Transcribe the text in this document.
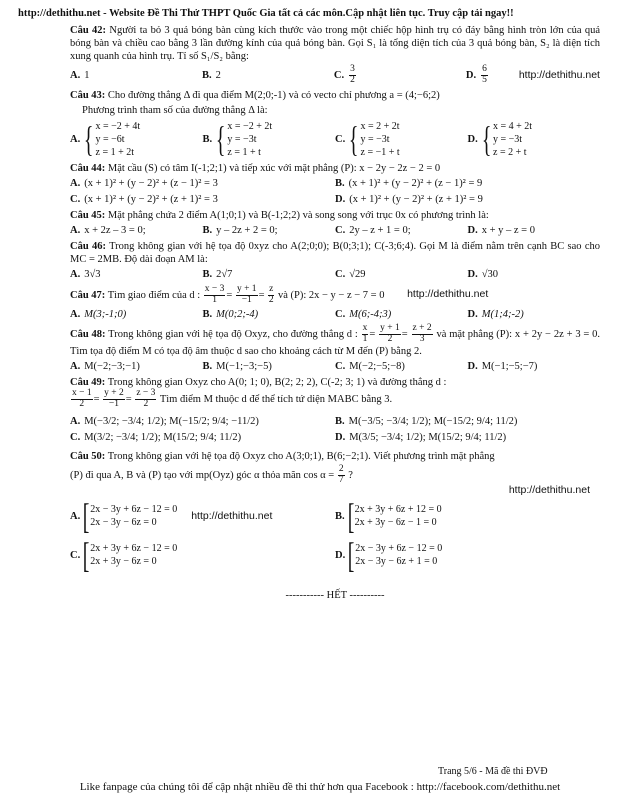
http://dethithu.net - Website Đề Thi Thử THPT Quốc Gia tất cả các môn.Cập nhật liên tục. Truy cập tải ngay!!
Câu 42: Người ta bỏ 3 quả bóng bàn cùng kích thước vào trong một chiếc hộp hình trụ có đáy bằng hình tròn lớn của quả bóng bàn và chiều cao bằng 3 lần đường kính của quả bóng bàn. Gọi S₁ là tổng diện tích của 3 quả bóng bàn, S₂ là diện tích xung quanh của hình trụ. Tỉ số S₁/S₂ bằng:
A. 1	B. 2	C. $\frac{3}{2}$	D. $\frac{6}{5}$	http://dethithu.net
Câu 43: Cho đường thẳng Δ đi qua điểm M(2;0;-1) và có vecto chỉ phương a = (4;−6;2)
Phương trình tham số của đường thẳng Δ là:
A. { x = −2 + 4t
y = −6t
z = 1 + 2t
B. { x = −2 + 2t
y = −3t
z = 1 + t
C. { x = 2 + 2t
y = −3t
z = −1 + t
D. { x = 4 + 2t
y = −3t
z = 2 + t
Câu 44: Mặt cầu (S) có tâm I(-1;2;1) và tiếp xúc với mặt phẳng (P): x − 2y − 2z − 2 = 0
A. (x + 1)² + (y − 2)² + (z − 1)² = 3	B. (x + 1)² + (y − 2)² + (z − 1)² = 9
C. (x + 1)² + (y − 2)² + (z + 1)² = 3	D. (x + 1)² + (y − 2)² + (z + 1)² = 9
Câu 45: Mặt phẳng chứa 2 điểm A(1;0;1) và B(-1;2;2) và song song với trục 0x có phương trình là:
A. x + 2z – 3 = 0;	B. y – 2z + 2 = 0;	C. 2y – z + 1 = 0;	D. x + y – z = 0
Câu 46: Trong không gian với hệ tọa độ 0xyz cho A(2;0;0); B(0;3;1); C(-3;6;4). Gọi M là điểm nằm trên cạnh BC sao cho MC = 2MB. Độ dài đoạn AM là:
A. 3√3	B. 2√7	C. √29	D. √30
Câu 47: Tìm giao điểm của d : $\frac{x - 3}{1} = \frac{y + 1}{-1} = \frac{z}{2}$ và (P): 2x − y − z − 7 = 0 http://dethithu.net
A. M(3;-1;0)	B. M(0;2;-4)	C. M(6;-4;3)	D. M(1;4;-2)
Câu 48: Trong không gian với hệ tọa độ Oxyz, cho đường thẳng d : $\frac{x}{1} = \frac{y + 1}{2} = \frac{z + 2}{3}$ và mặt phẳng (P): x + 2y − 2z + 3 = 0. Tìm tọa độ điểm M có tọa độ âm thuộc d sao cho khoảng cách từ M đến (P) bằng 2.
A. M(−2;−3;−1)	B. M(−1;−3;−5)	C. M(−2;−5;−8)	D. M(−1;−5;−7)
Câu 49: Trong không gian Oxyz cho A(0; 1; 0), B(2; 2; 2), C(-2; 3; 1) và đường thẳng d :

$\frac{x - 1}{2} = \frac{y + 2}{-1} = \frac{z - 3}{2}$ Tìm điểm M thuộc d để thể tích tứ diện MABC bằng 3.
A. M(−3/2; −3/4; 1/2); M(−15/2; 9/4; −11/2)	B. M(−3/5; −3/4; 1/2); M(−15/2; 9/4; 11/2)
C. M(3/2; −3/4; 1/2); M(15/2; 9/4; 11/2)	D. M(3/5; −3/4; 1/2); M(15/2; 9/4; 11/2)
Câu 50: Trong không gian với hệ tọa độ Oxyz cho A(3;0;1), B(6;−2;1). Viết phương trình mặt phẳng
(P) đi qua A, B và (P) tạo với mp(Oyz) góc α thỏa mãn $\cos \alpha = \frac{2}{7}$ ?
http://dethithu.net
A. [ 2x − 3y + 6z − 12 = 0
2x − 3y − 6z = 0
http://dethithu.net	B. [ 2x + 3y + 6z + 12 = 0
2x + 3y − 6z − 1 = 0
C. [ 2x + 3y + 6z − 12 = 0
2x + 3y − 6z = 0
D. [ 2x − 3y + 6z − 12 = 0
2x − 3y − 6z + 1 = 0
----------- HẾT ----------
Trang 5/6 - Mã đề thi ĐVĐ
Like fanpage của chúng tôi để cập nhật nhiều đề thi thử hơn qua Facebook : http://facebook.com/dethithu.net
